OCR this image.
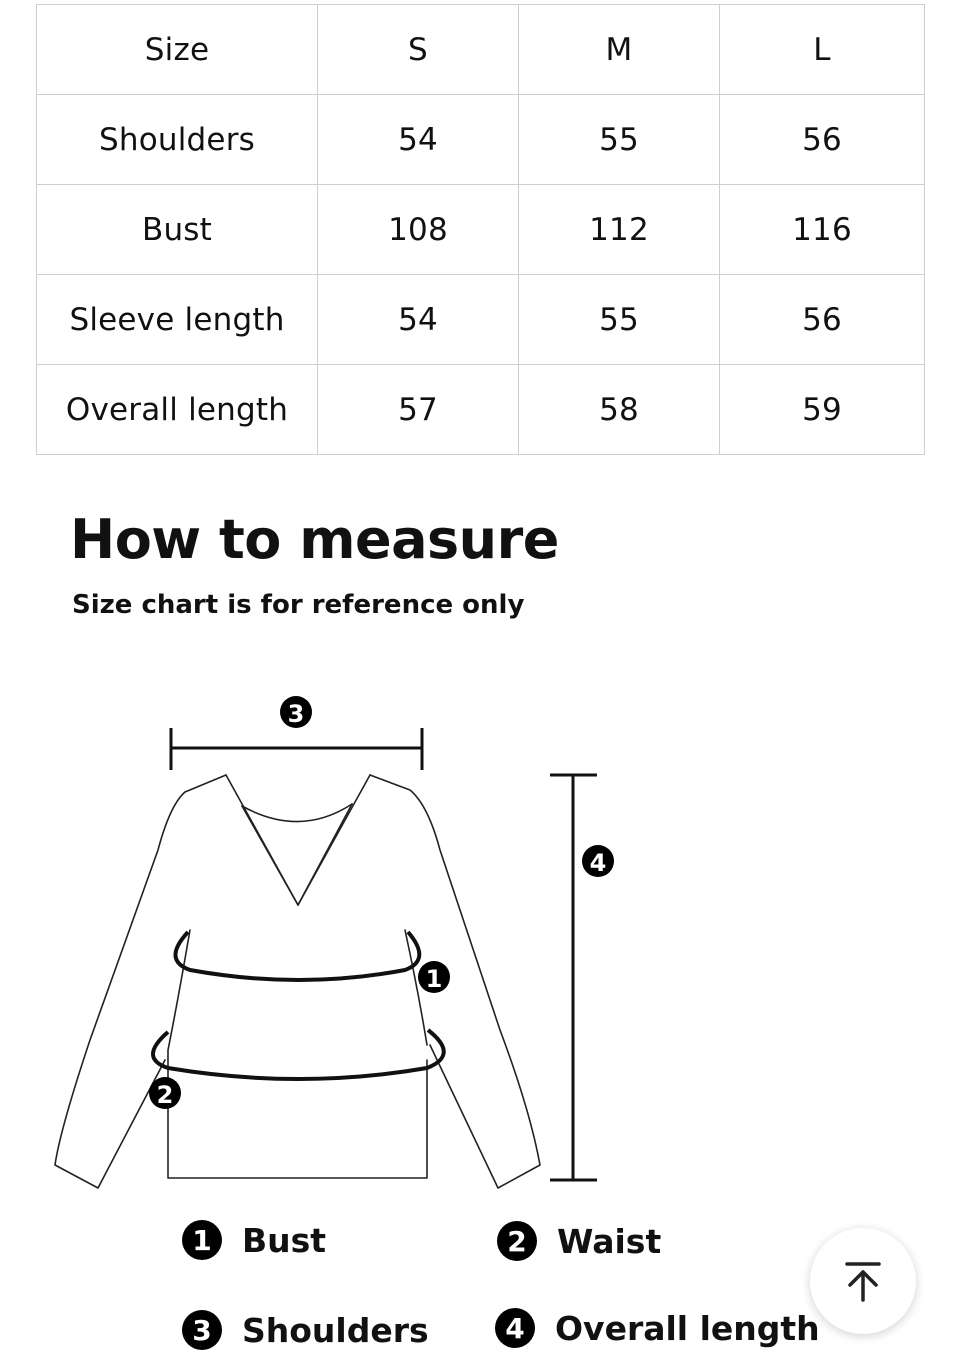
Size	S	M	L
Shoulders	54	55	56
Bust	108	112	116
Sleeve length	54	55	56
Overall length	57	58	59
How to measure

Size chart is for reference only

3
4
1
2
1 Bust	2 Waist
3 Shoulders	4 Overall length
